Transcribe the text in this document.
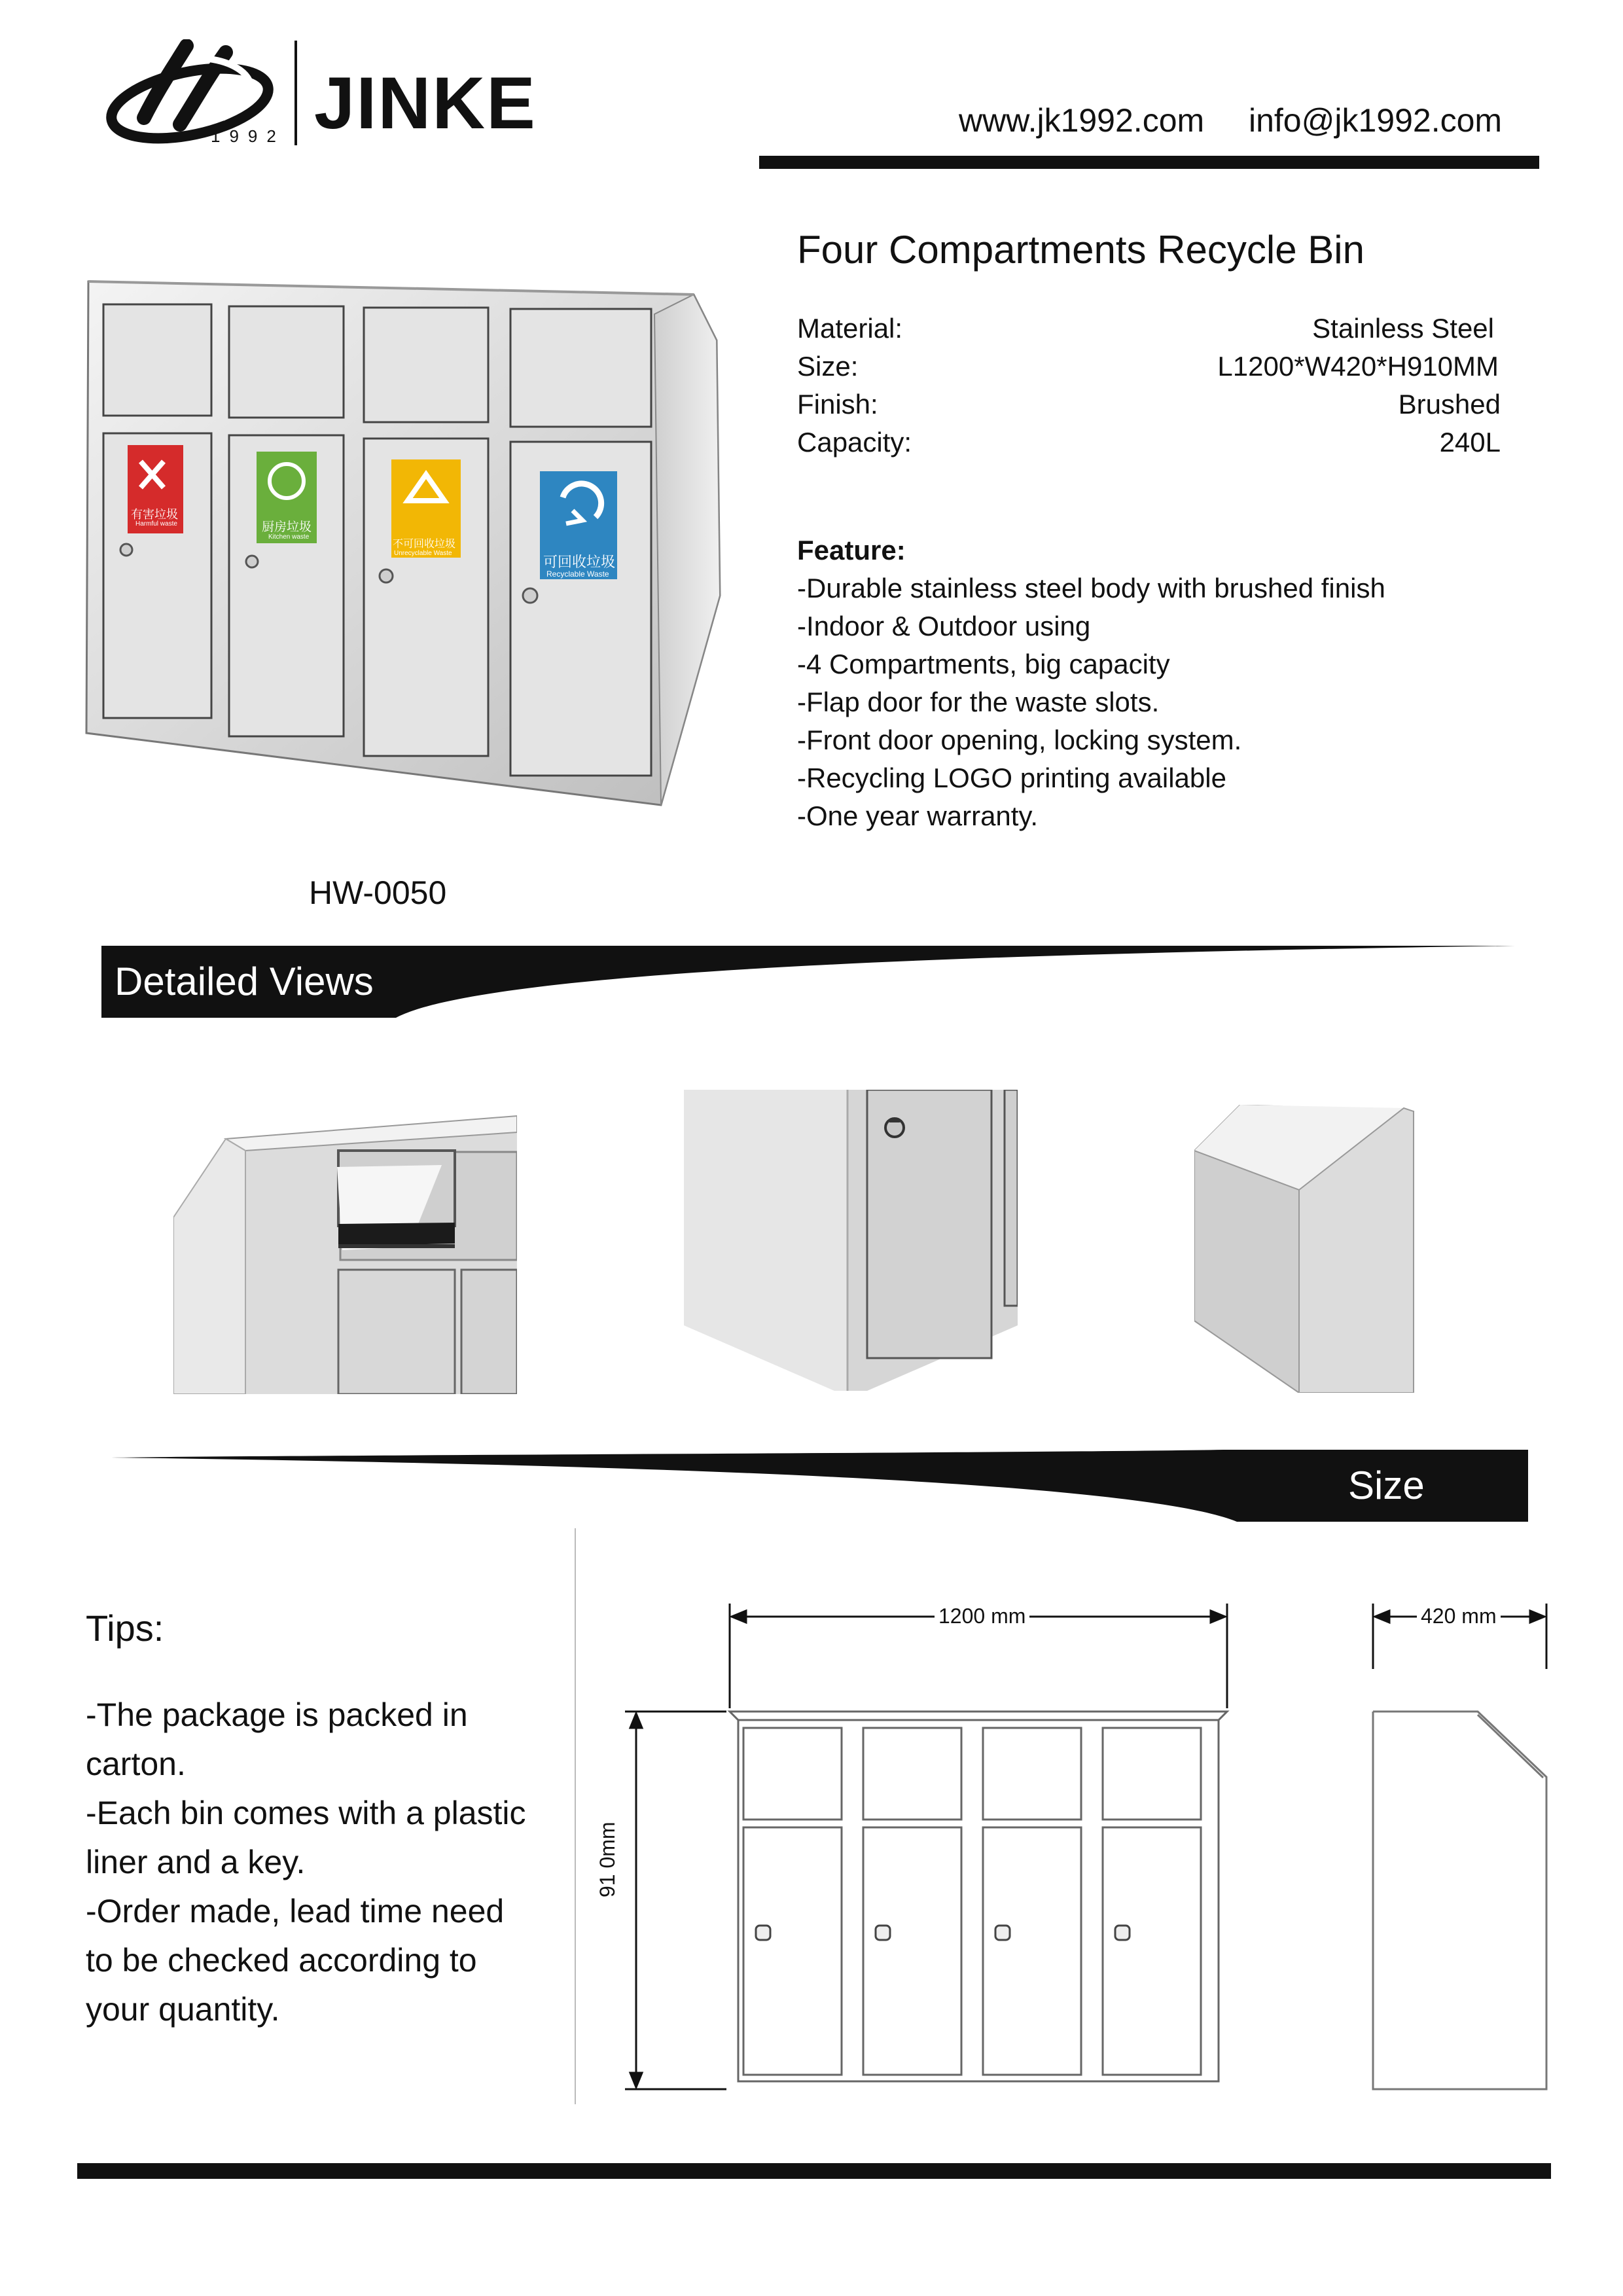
1992 JINKE	www.jk1992.com info@jk1992.com
有害垃圾
厨房垃圾
不可回收垃圾
可回收垃圾
Harmful waste
Kitchen waste
Unrecyclable Waste
Recyclable Waste
HW-0050
Four Compartments Recycle Bin
Material:	Stainless Steel
Size:	L1200*W420*H910MM
Finish:	Brushed
Capacity:	240L
Feature:
-Durable stainless steel body with brushed finish
-Indoor & Outdoor using
-4 Compartments, big capacity
-Flap door for the waste slots.
-Front door opening, locking system.
-Recycling LOGO printing available
-One year warranty.
Detailed Views
Size
Tips:
-The package is packed in
carton.
-Each bin comes with a plastic
liner and a key.
-Order made, lead time need
to be checked according to
your quantity.
1200 mm
91 0mm
420 mm
